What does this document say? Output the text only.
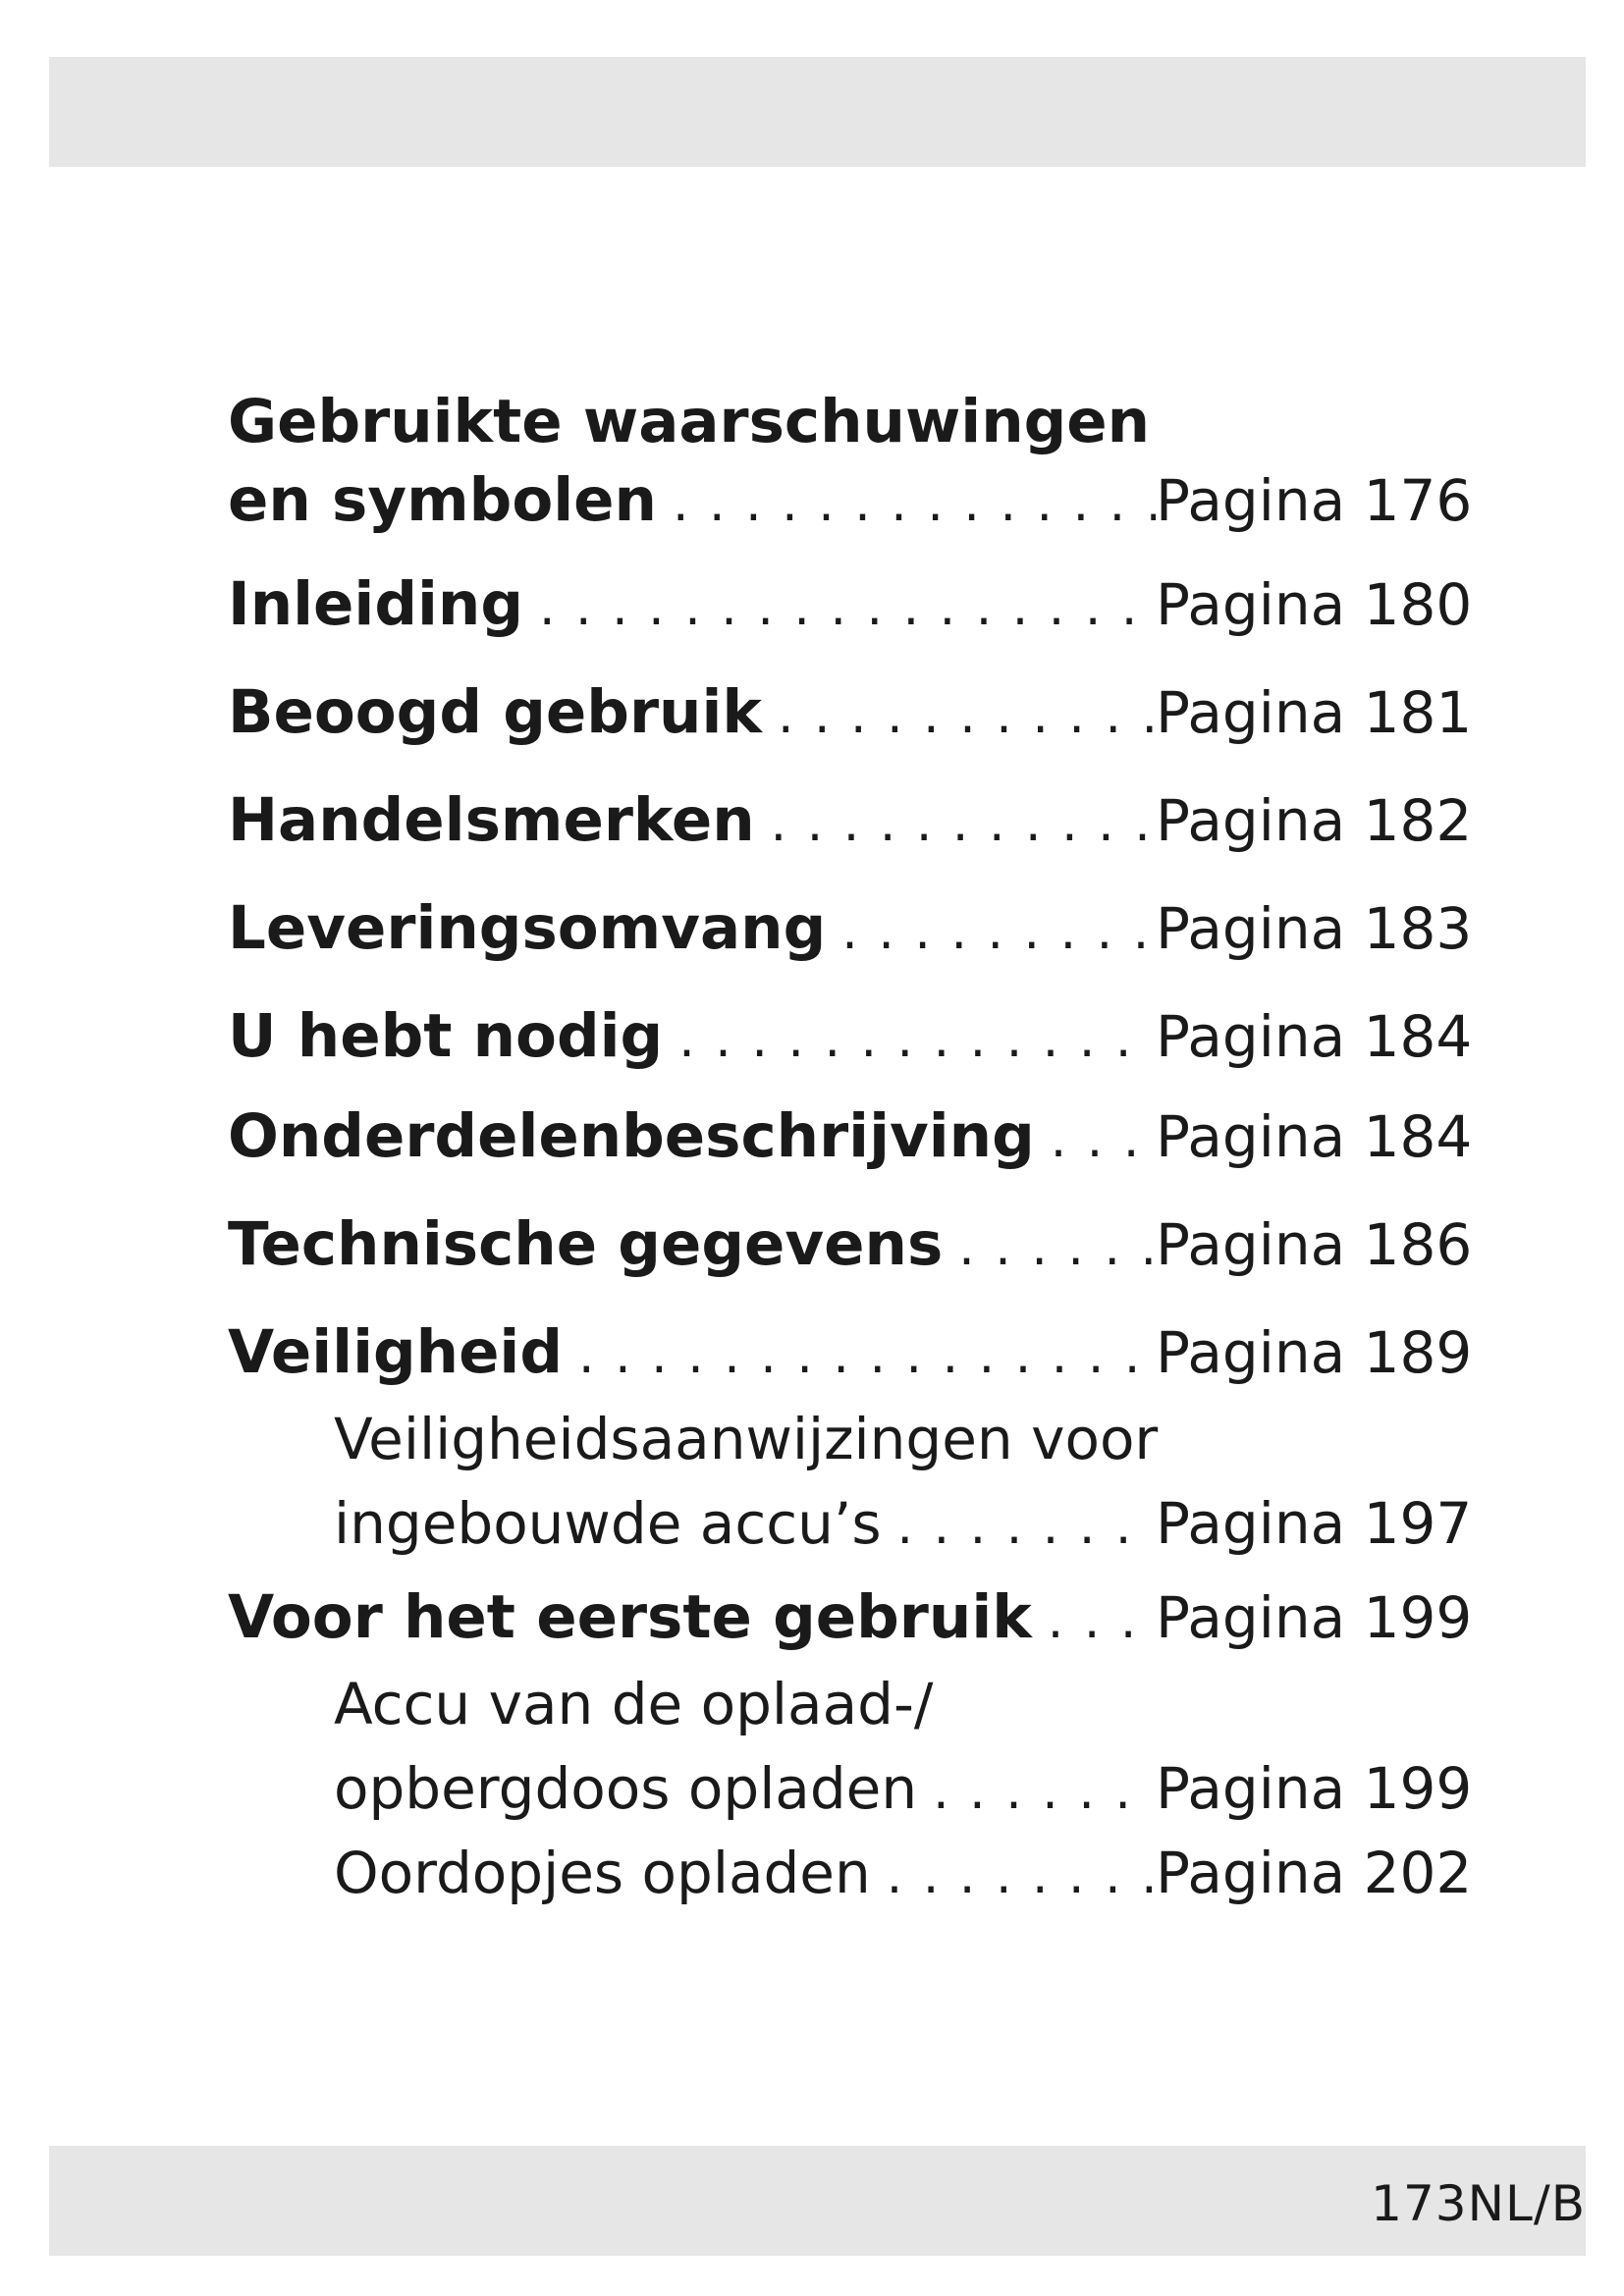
Gebruikte waarschuwingen
en symbolen . . .	Pagina 176
Inleiding . . .	Pagina 180
Beoogd gebruik . . .	Pagina 181
Handelsmerken . . .	Pagina 182
Leveringsomvang . . .	Pagina 183
U hebt nodig . . .	Pagina 184
Onderdelenbeschrijving . . . Pagina 184
Technische gegevens . . .	Pagina 186
Veiligheid . . .	Pagina 189
Veiligheidsaanwijzingen voor
ingebouwde accu’s . . .	Pagina 197
Voor het eerste gebruik . . . Pagina 199
Accu van de oplaad-/
opbergdoos opladen . . .	Pagina 199
Oordopjes opladen . . .	Pagina 202
173NL/B
